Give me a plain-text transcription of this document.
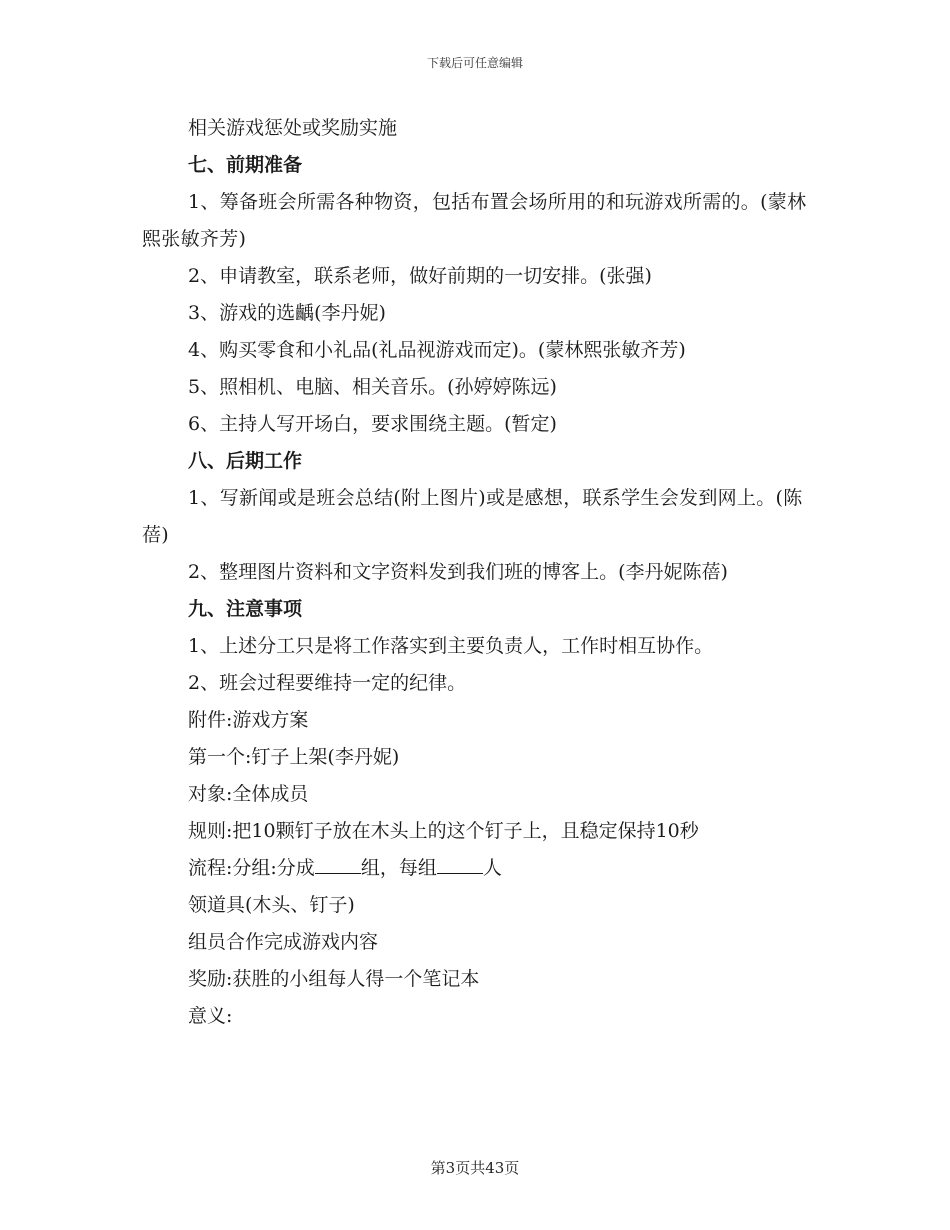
下载后可任意编辑
相关游戏惩处或奖励实施
七、前期准备
1、筹备班会所需各种物资，包括布置会场所用的和玩游戏所需的。(蒙林熙张敏齐芳)
2、申请教室，联系老师，做好前期的一切安排。(张强)
3、游戏的选齲(李丹妮)
4、购买零食和小礼品(礼品视游戏而定)。(蒙林熙张敏齐芳)
5、照相机、电脑、相关音乐。(孙婷婷陈远)
6、主持人写开场白，要求围绕主题。(暂定)
八、后期工作
1、写新闻或是班会总结(附上图片)或是感想，联系学生会发到网上。(陈蓓)
2、整理图片资料和文字资料发到我们班的博客上。(李丹妮陈蓓)
九、注意事项
1、上述分工只是将工作落实到主要负责人，工作时相互协作。
2、班会过程要维持一定的纪律。
附件:游戏方案
第一个:钉子上架(李丹妮)
对象:全体成员
规则:把10颗钉子放在木头上的这个钉子上，且稳定保持10秒
流程:分组:分成 组，每组 人
领道具(木头、钉子)
组员合作完成游戏内容
奖励:获胜的小组每人得一个笔记本
意义:
第3页共43页
